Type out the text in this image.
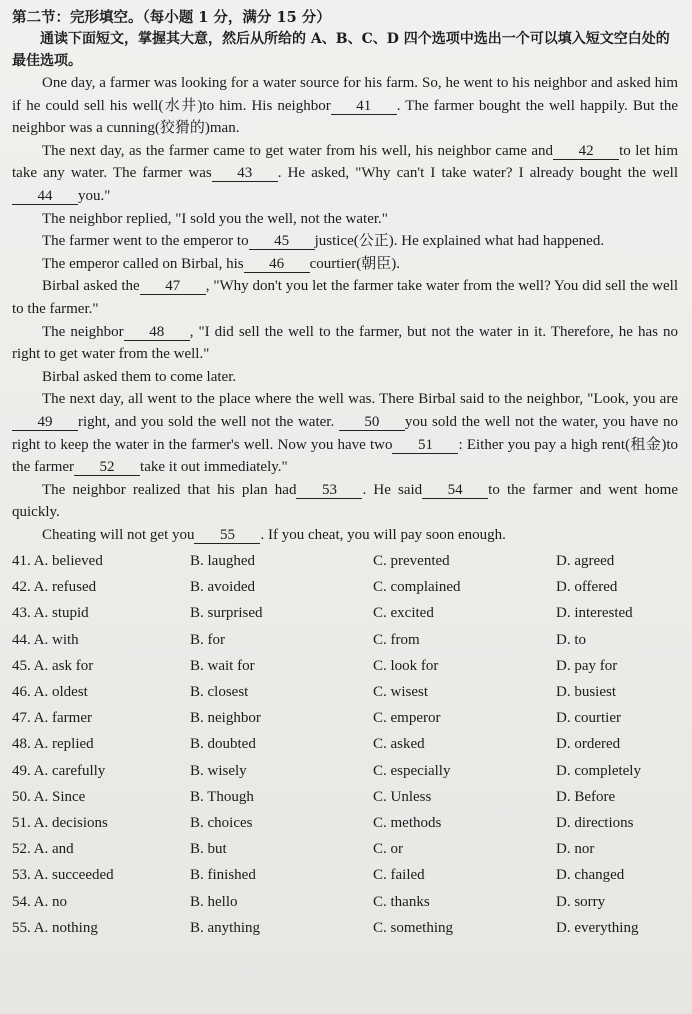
第二节：完形填空。（每小题 1 分，满分 15 分）
通读下面短文，掌握其大意，然后从所给的 A、B、C、D 四个选项中选出一个可以填入短文空白处的最佳选项。

One day, a farmer was looking for a water source for his farm. So, he went to his neighbor and asked him if he could sell his well(水井)to him. His neighbor 41 . The farmer bought the well happily. But the neighbor was a cunning(狡猾的)man.

The next day, as the farmer came to get water from his well, his neighbor came and 42 to let him take any water. The farmer was 43 . He asked, "Why can't I take water? I already bought the well44 you."

The neighbor replied, "I sold you the well, not the water."

The farmer went to the emperor to 45 justice(公正). He explained what had happened.

The emperor called on Birbal, his 46 courtier(朝臣).

Birbal asked the 47 , "Why don't you let the farmer take water from the well? You did sell the well to the farmer."

The neighbor 48 , "I did sell the well to the farmer, but not the water in it. Therefore, he has no right to get water from the well."

Birbal asked them to come later.

The next day, all went to the place where the well was. There Birbal said to the neighbor, "Look, you are49 right, and you sold the well not the water. 50 you sold the well not the water, you have no right to keep the water in the farmer's well. Now you have two 51 : Either you pay a high rent(租金)to the farmer 52 take it out immediately."

The neighbor realized that his plan had 53 . He said 54 to the farmer and went home quickly.

Cheating will not get you 55 . If you cheat, you will pay soon enough.

41. A. believed	B. laughed	C. prevented	D. agreed
42. A. refused	B. avoided	C. complained	D. offered
43. A. stupid	B. surprised	C. excited	D. interested
44. A. with	B. for	C. from	D. to
45. A. ask for	B. wait for	C. look for	D. pay for
46. A. oldest	B. closest	C. wisest	D. busiest
47. A. farmer	B. neighbor	C. emperor	D. courtier
48. A. replied	B. doubted	C. asked	D. ordered
49. A. carefully	B. wisely	C. especially	D. completely
50. A. Since	B. Though	C. Unless	D. Before
51. A. decisions	B. choices	C. methods	D. directions
52. A. and	B. but	C. or	D. nor
53. A. succeeded	B. finished	C. failed	D. changed
54. A. no	B. hello	C. thanks	D. sorry
55. A. nothing	B. anything	C. something	D. everything
